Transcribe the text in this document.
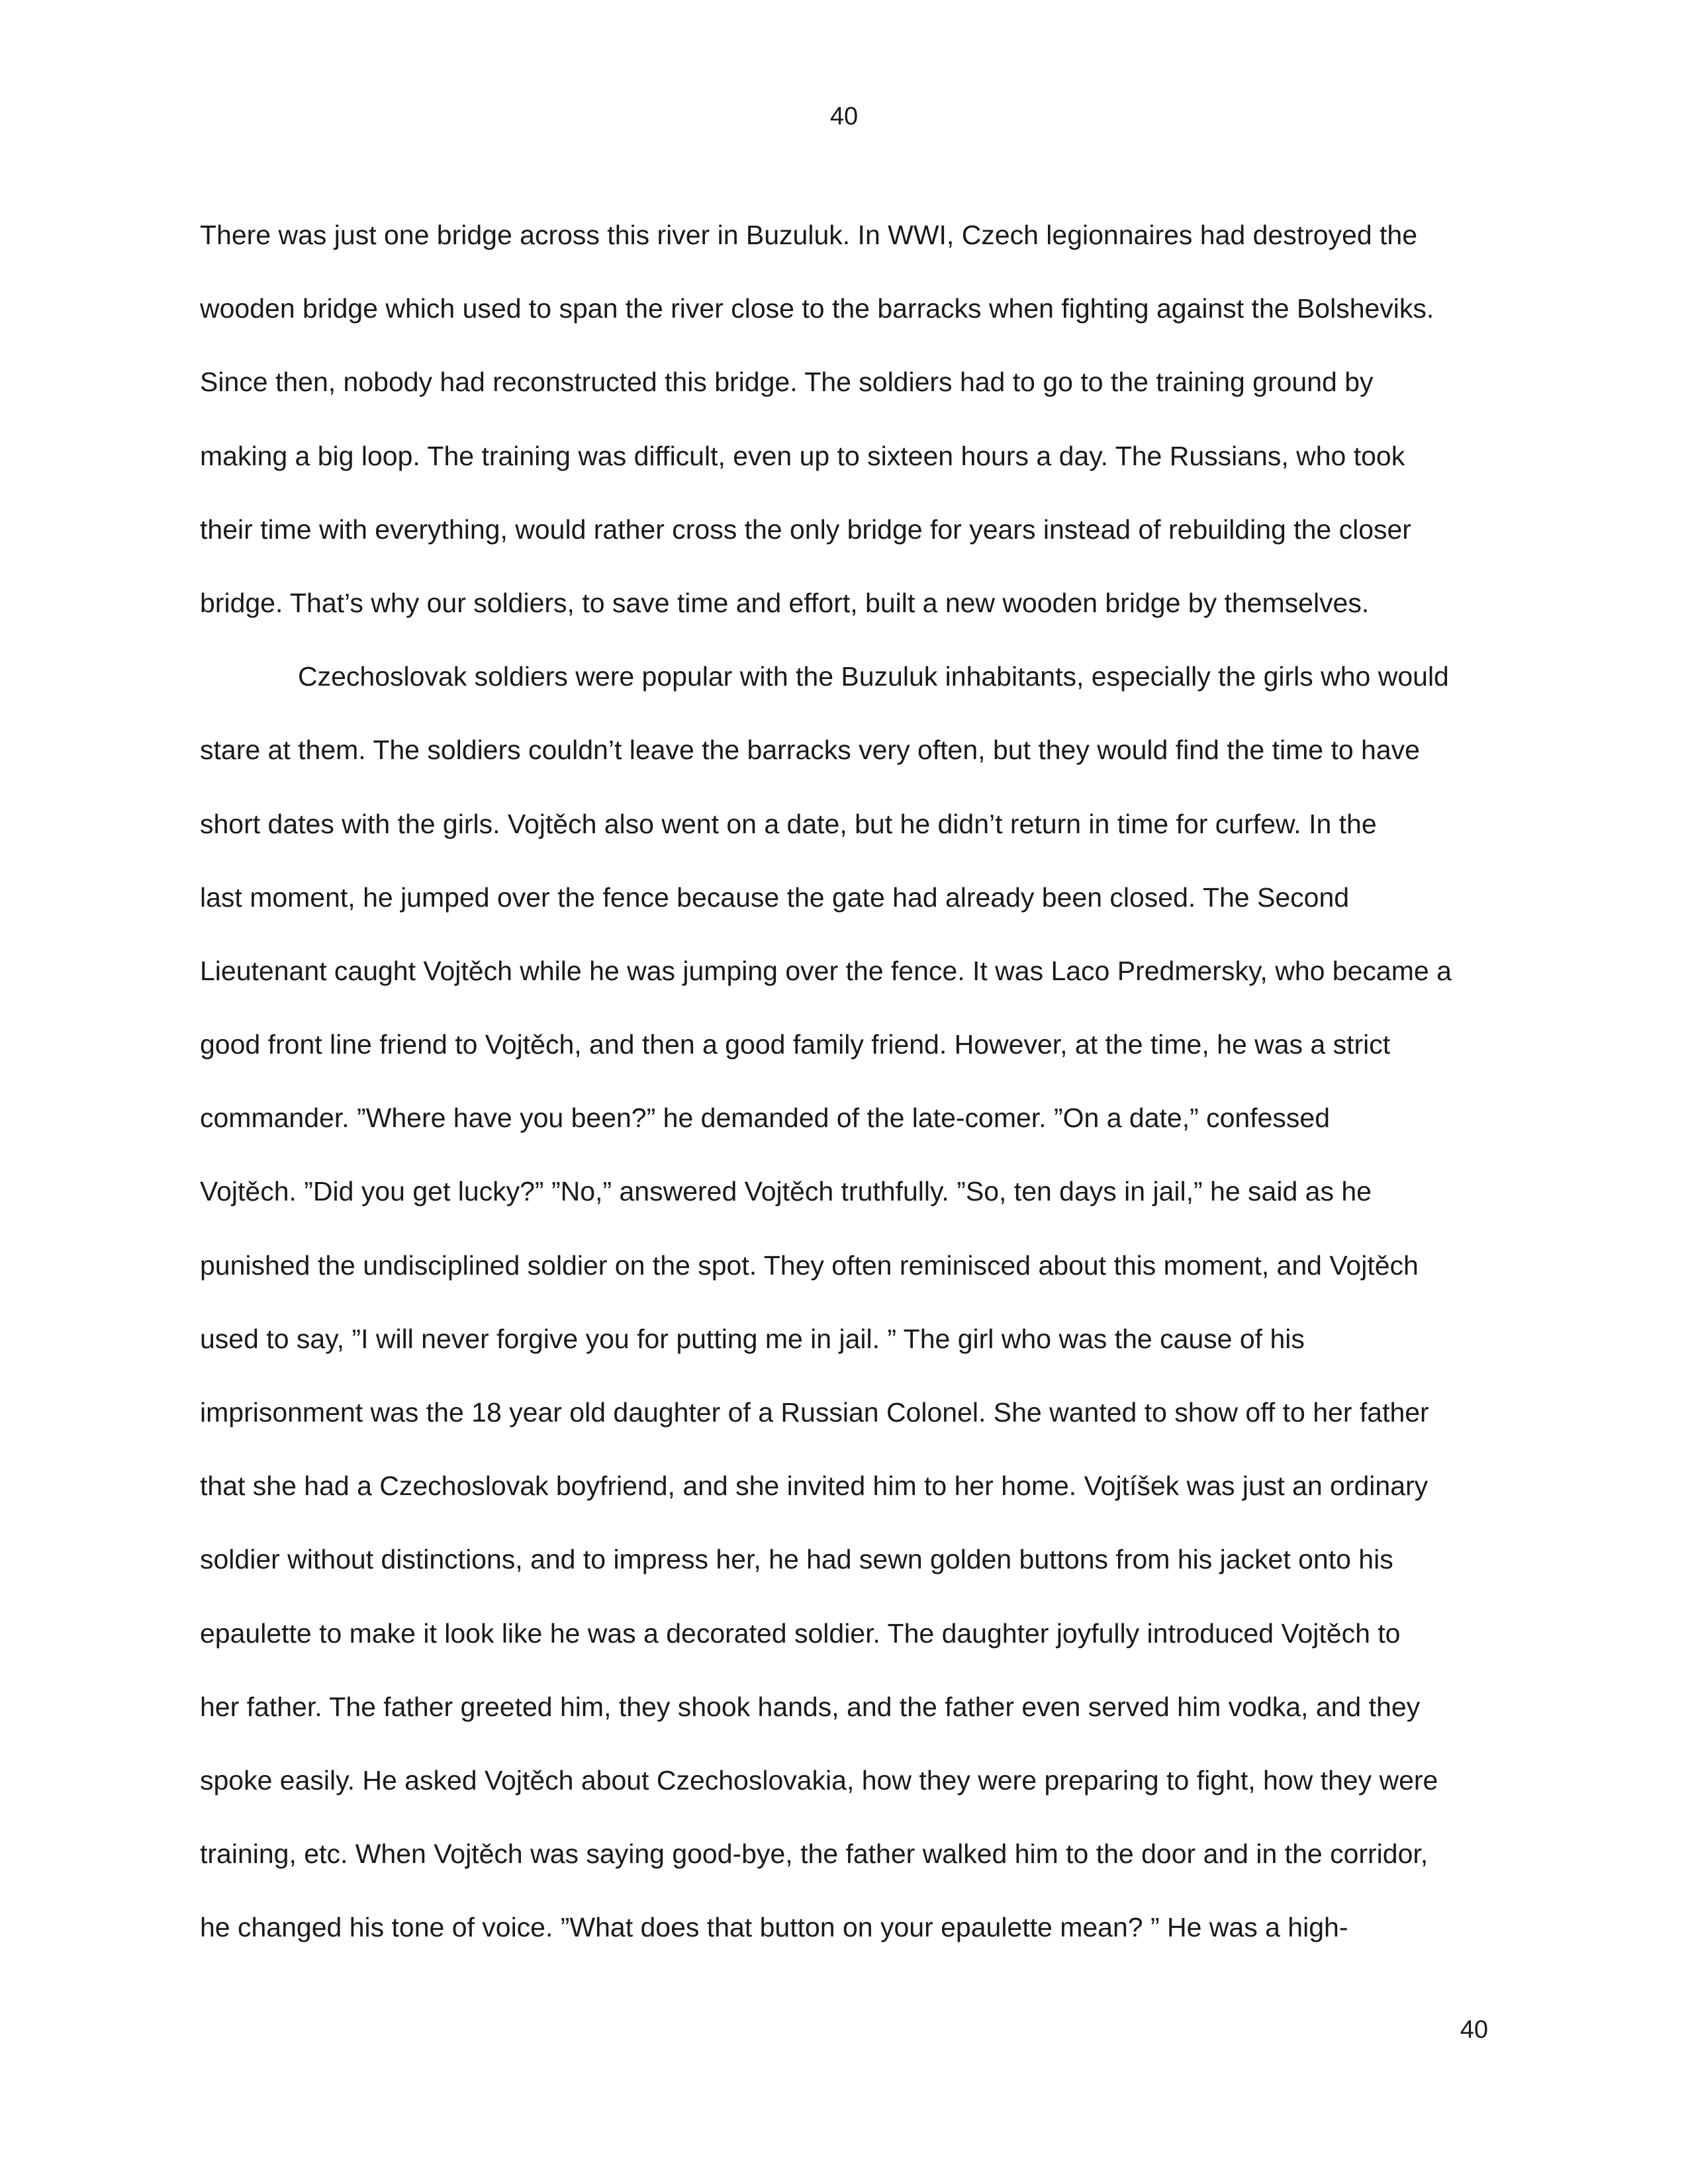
40
There was just one bridge across this river in Buzuluk. In WWI, Czech legionnaires had destroyed the
wooden bridge which used to span the river close to the barracks when fighting against the Bolsheviks.
Since then, nobody had reconstructed this bridge. The soldiers had to go to the training ground by
making a big loop. The training was difficult, even up to sixteen hours a day. The Russians, who took
their time with everything, would rather cross the only bridge for years instead of rebuilding the closer
bridge. That’s why our soldiers, to save time and effort, built a new wooden bridge by themselves.
Czechoslovak soldiers were popular with the Buzuluk inhabitants, especially the girls who would
stare at them. The soldiers couldn’t leave the barracks very often, but they would find the time to have
short dates with the girls. Vojtěch also went on a date, but he didn’t return in time for curfew. In the
last moment, he jumped over the fence because the gate had already been closed. The Second
Lieutenant caught Vojtěch while he was jumping over the fence. It was Laco Predmersky, who became a
good front line friend to Vojtěch, and then a good family friend. However, at the time, he was a strict
commander. ”Where have you been?” he demanded of the late-comer. ”On a date,” confessed
Vojtěch. ”Did you get lucky?” ”No,” answered Vojtěch truthfully. ”So, ten days in jail,” he said as he
punished the undisciplined soldier on the spot. They often reminisced about this moment, and Vojtěch
used to say, ”I will never forgive you for putting me in jail. ” The girl who was the cause of his
imprisonment was the 18 year old daughter of a Russian Colonel. She wanted to show off to her father
that she had a Czechoslovak boyfriend, and she invited him to her home. Vojtíšek was just an ordinary
soldier without distinctions, and to impress her, he had sewn golden buttons from his jacket onto his
epaulette to make it look like he was a decorated soldier. The daughter joyfully introduced Vojtěch to
her father. The father greeted him, they shook hands, and the father even served him vodka, and they
spoke easily. He asked Vojtěch about Czechoslovakia, how they were preparing to fight, how they were
training, etc. When Vojtěch was saying good-bye, the father walked him to the door and in the corridor,
he changed his tone of voice. ”What does that button on your epaulette mean? ” He was a high-
40
